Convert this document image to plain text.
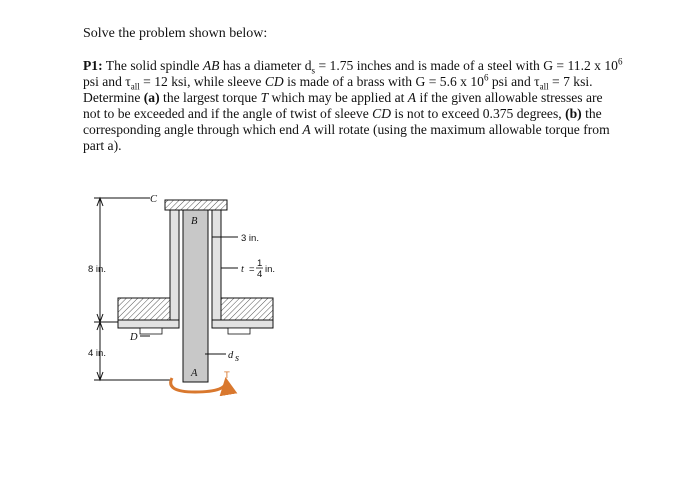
Solve the problem shown below:

P1: The solid spindle AB has a diameter $d_s = 1.75$ inches and is made of a steel with G = 11.2 x $10^6$ psi and $\tau_{all} = 12$ ksi, while sleeve CD is made of a brass with G = 5.6 x $10^6$ psi and $\tau_{all} = 7$ ksi. Determine (a) the largest torque T which may be applied at A if the given allowable stresses are not to be exceeded and if the angle of twist of sleeve CD is not to exceed 0.375 degrees, (b) the corresponding angle through which end A will rotate (using the maximum allowable torque from part a).

C
B
3 in.
8 in.	t =
1
4 in.
D
4 in.	d s
A	T
